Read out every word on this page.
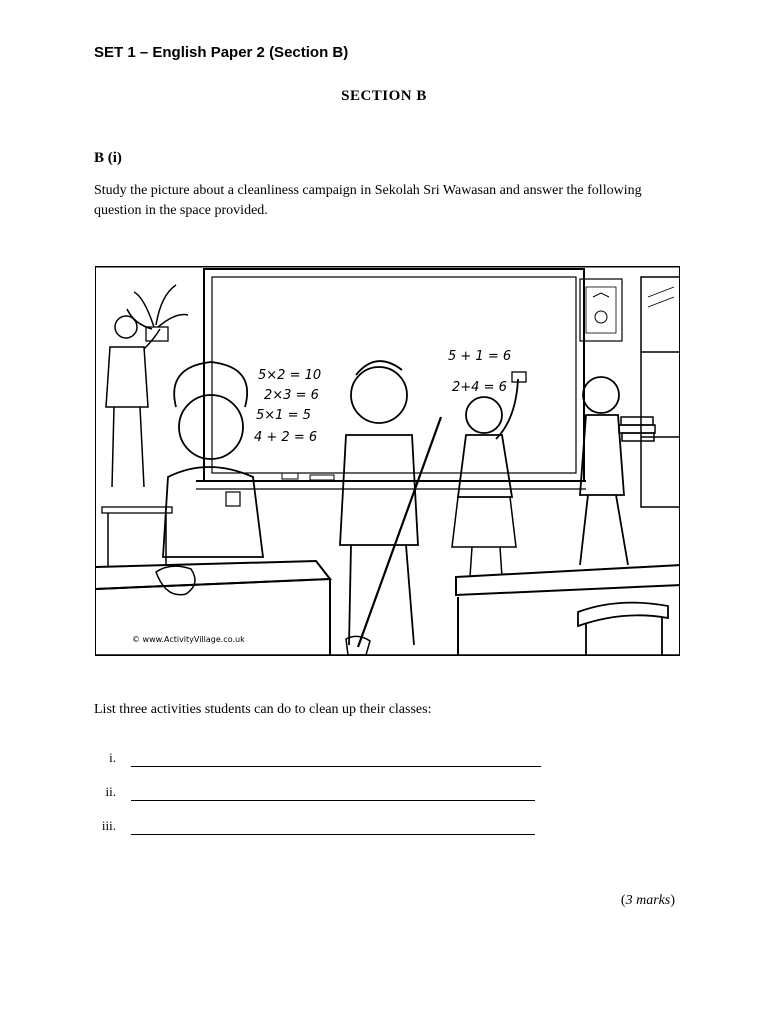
SET 1 – English Paper 2 (Section B)
SECTION B
B (i)
Study the picture about a cleanliness campaign in Sekolah Sri Wawasan and answer the following question in the space provided.
5×2 = 10
2×3 = 6
5×1 = 5
4 + 2 = 6
5 + 1 = 6
2+4 = 6
© www.ActivityVillage.co.uk
List three activities students can do to clean up their classes:
i.
ii.
iii.
(3 marks)
